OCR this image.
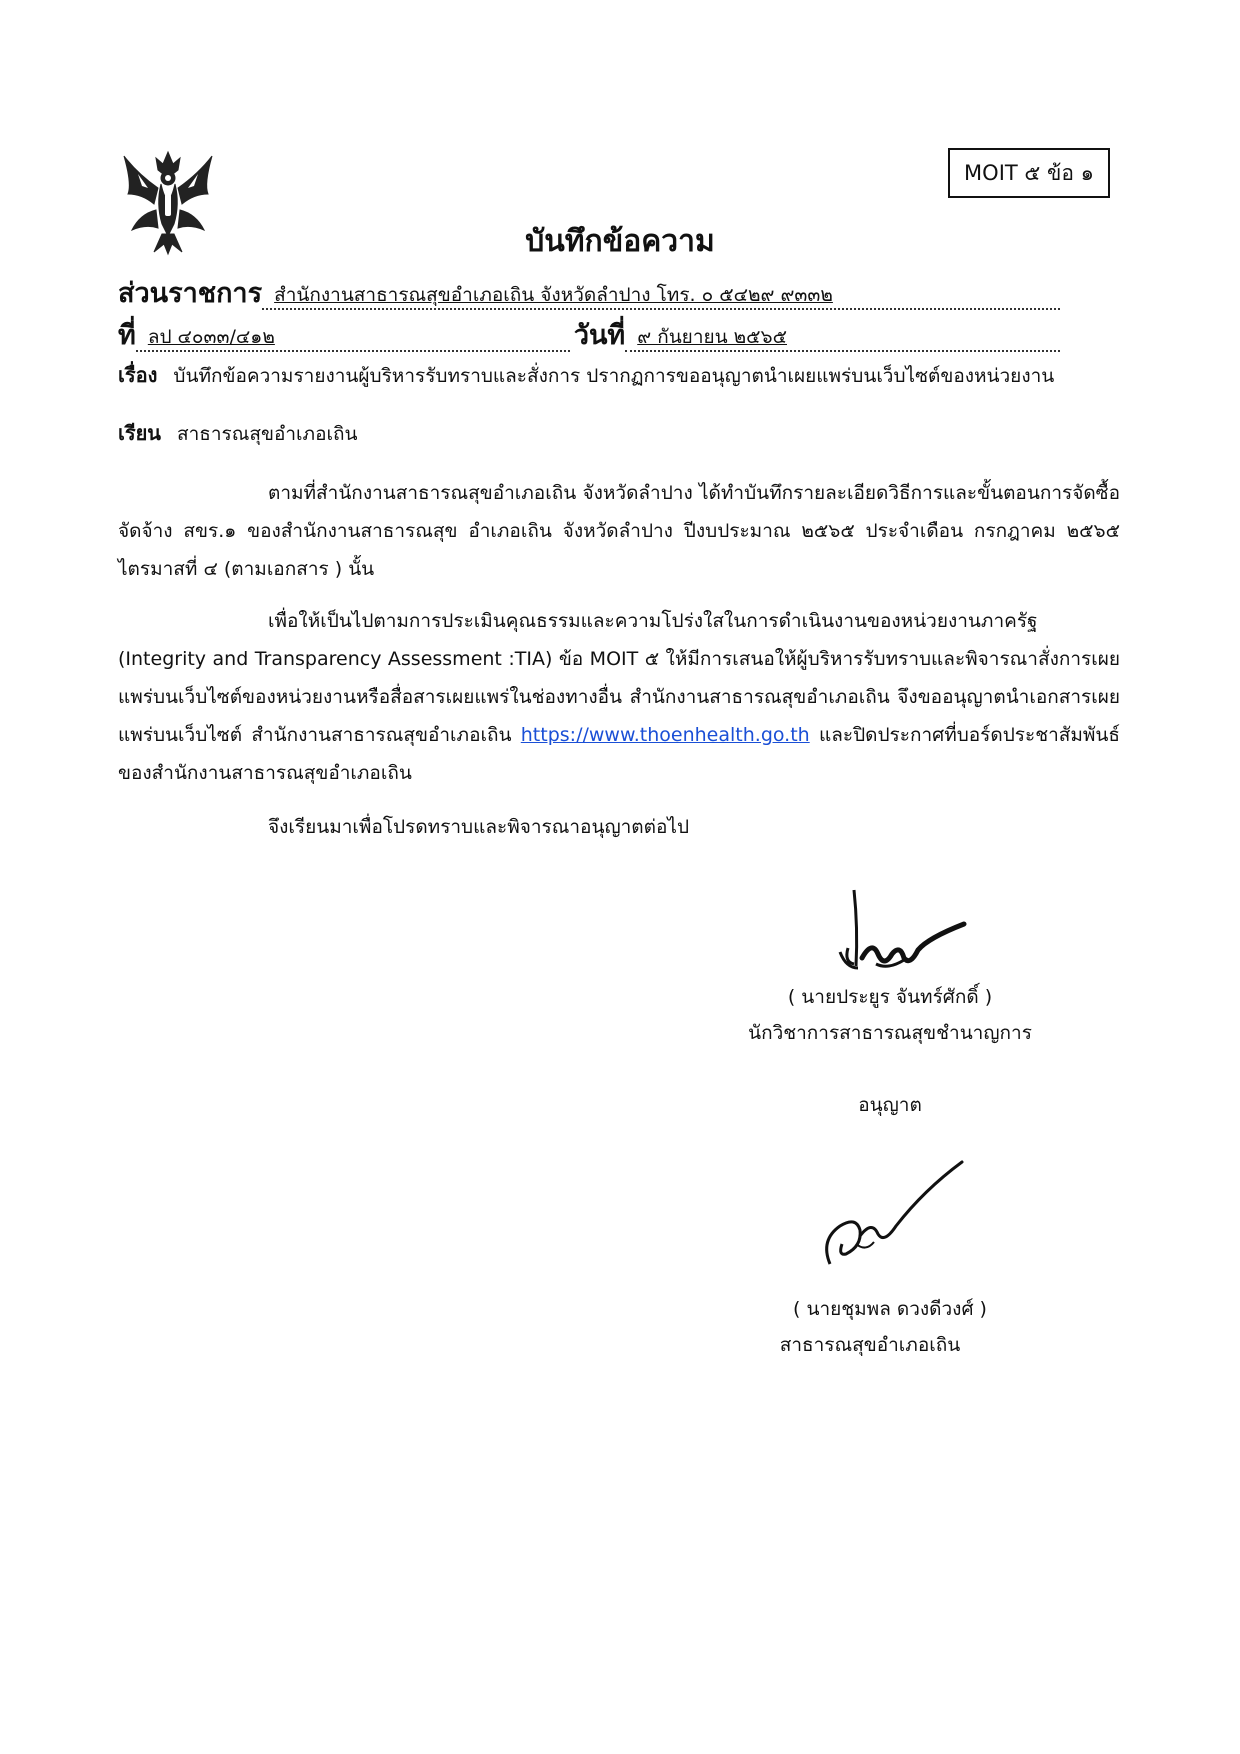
MOIT ๕ ข้อ ๑
บันทึกข้อความ
ส่วนราชการ สำนักงานสาธารณสุขอำเภอเถิน จังหวัดลำปาง โทร. ๐ ๕๔๒๙ ๙๓๓๒
ที่ ลป ๔๐๓๓/๔๑๒	วันที่ ๙ กันยายน ๒๕๖๕
เรื่อง บันทึกข้อความรายงานผู้บริหารรับทราบและสั่งการ ปรากฏการขออนุญาตนำเผยแพร่บนเว็บไซต์ของหน่วยงาน
เรียน สาธารณสุขอำเภอเถิน
ตามที่สำนักงานสาธารณสุขอำเภอเถิน จังหวัดลำปาง ได้ทำบันทึกรายละเอียดวิธีการและขั้นตอนการจัดซื้อจัดจ้าง สขร.๑ ของสำนักงานสาธารณสุข อำเภอเถิน จังหวัดลำปาง ปีงบประมาณ ๒๕๖๕ ประจำเดือน กรกฎาคม ๒๕๖๕ ไตรมาสที่ ๔ (ตามเอกสาร ) นั้น
เพื่อให้เป็นไปตามการประเมินคุณธรรมและความโปร่งใสในการดำเนินงานของหน่วยงานภาครัฐ (Integrity and Transparency Assessment :TIA) ข้อ MOIT ๕ ให้มีการเสนอให้ผู้บริหารรับทราบและพิจารณาสั่งการเผยแพร่บนเว็บไซต์ของหน่วยงานหรือสื่อสารเผยแพร่ในช่องทางอื่น สำนักงานสาธารณสุขอำเภอเถิน จึงขออนุญาตนำเอกสารเผยแพร่บนเว็บไซต์ สำนักงานสาธารณสุขอำเภอเถิน https://www.thoenhealth.go.th และปิดประกาศที่บอร์ดประชาสัมพันธ์ ของสำนักงานสาธารณสุขอำเภอเถิน
จึงเรียนมาเพื่อโปรดทราบและพิจารณาอนุญาตต่อไป
( นายประยูร จันทร์ศักดิ์ )
นักวิชาการสาธารณสุขชำนาญการ
อนุญาต
( นายชุมพล ดวงดีวงศ์ )
สาธารณสุขอำเภอเถิน
